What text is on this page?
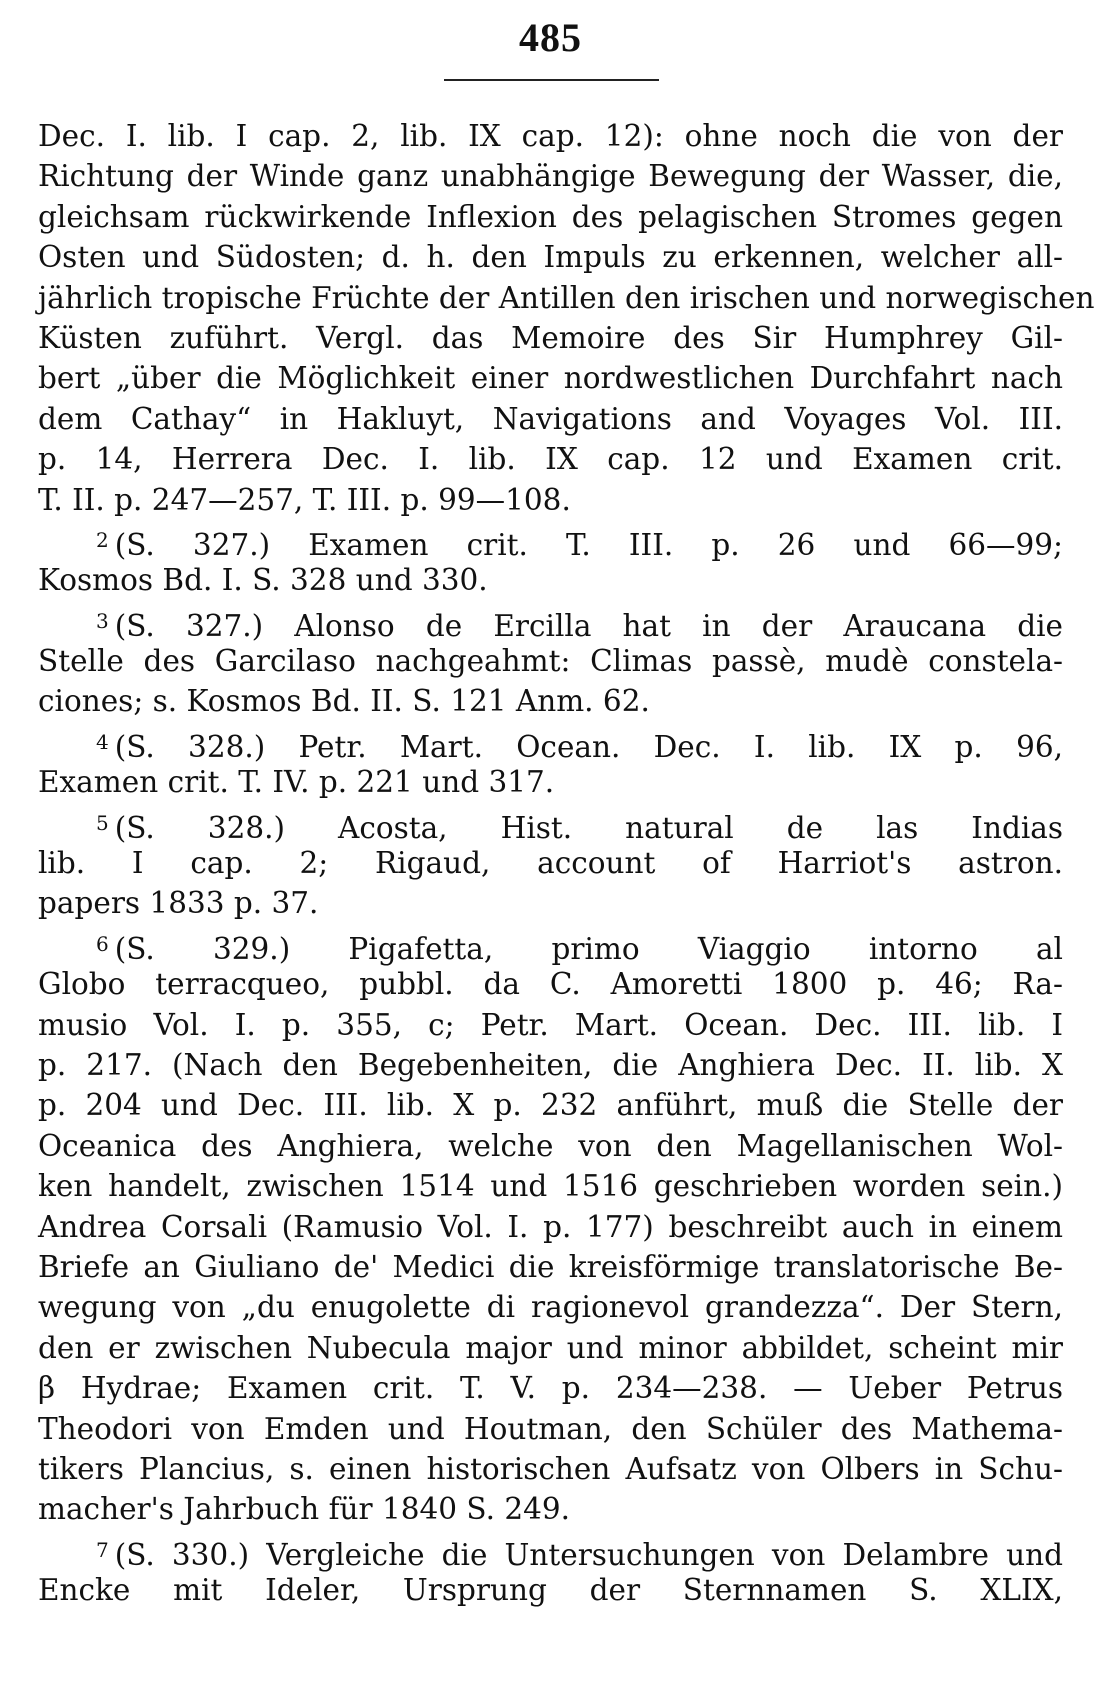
485
Dec. I. lib. I cap. 2, lib. IX cap. 12): ohne noch die von der
Richtung der Winde ganz unabhängige Bewegung der Wasser, die,
gleichsam rückwirkende Inflexion des pelagischen Stromes gegen
Osten und Südosten; d. h. den Impuls zu erkennen, welcher all-
jährlich tropische Früchte der Antillen den irischen und norwegischen
Küsten zuführt. Vergl. das Memoire des Sir Humphrey Gil-
bert „über die Möglichkeit einer nordwestlichen Durchfahrt nach
dem Cathay“ in Hakluyt, Navigations and Voyages Vol. III.
p. 14, Herrera Dec. I. lib. IX cap. 12 und Examen crit.
T. II. p. 247—257, T. III. p. 99—108.
$^2$ (S. 327.) Examen crit. T. III. p. 26 und 66—99;
Kosmos Bd. I. S. 328 und 330.
$^3$ (S. 327.) Alonso de Ercilla hat in der Araucana die
Stelle des Garcilaso nachgeahmt: Climas passè, mudè constela-
ciones; s. Kosmos Bd. II. S. 121 Anm. 62.
$^4$ (S. 328.) Petr. Mart. Ocean. Dec. I. lib. IX p. 96,
Examen crit. T. IV. p. 221 und 317.
$^5$ (S. 328.) Acosta, Hist. natural de las Indias
lib. I cap. 2; Rigaud, account of Harriot's astron.
papers 1833 p. 37.
$^6$ (S. 329.) Pigafetta, primo Viaggio intorno al
Globo terracqueo, pubbl. da C. Amoretti 1800 p. 46; Ra-
musio Vol. I. p. 355, c; Petr. Mart. Ocean. Dec. III. lib. I
p. 217. (Nach den Begebenheiten, die Anghiera Dec. II. lib. X
p. 204 und Dec. III. lib. X p. 232 anführt, muß die Stelle der
Oceanica des Anghiera, welche von den Magellanischen Wol-
ken handelt, zwischen 1514 und 1516 geschrieben worden sein.)
Andrea Corsali (Ramusio Vol. I. p. 177) beschreibt auch in einem
Briefe an Giuliano de' Medici die kreisförmige translatorische Be-
wegung von „du enugolette di ragionevol grandezza“. Der Stern,
den er zwischen Nubecula major und minor abbildet, scheint mir
β Hydrae; Examen crit. T. V. p. 234—238. — Ueber Petrus
Theodori von Emden und Houtman, den Schüler des Mathema-
tikers Plancius, s. einen historischen Aufsatz von Olbers in Schu-
macher's Jahrbuch für 1840 S. 249.
$^7$ (S. 330.) Vergleiche die Untersuchungen von Delambre und
Encke mit Ideler, Ursprung der Sternnamen S. XLIX,
